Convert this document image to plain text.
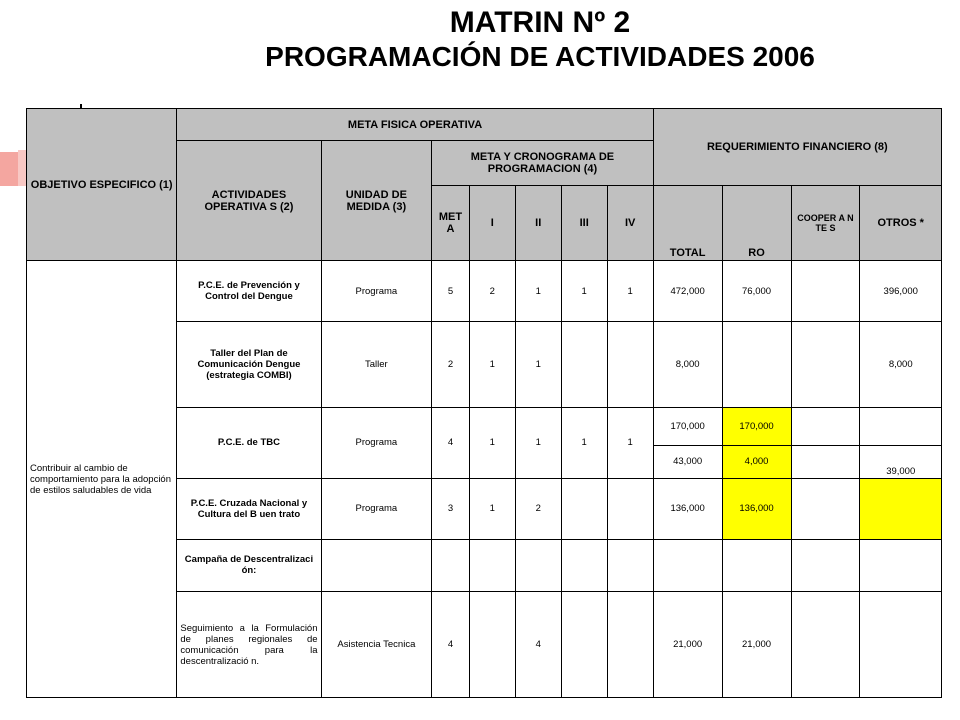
MATRIN Nº 2
PROGRAMACIÓN DE ACTIVIDADES 2006
OBJETIVO ESPECIFICO (1)	META FISICA OPERATIVA							REQUERIMIENTO FINANCIERO (8)			
	ACTIVIDADES OPERATIVA S (2)	UNIDAD DE MEDIDA (3)	META Y CRONOGRAMA DE PROGRAMACION (4)								
			MET A	I	II	III	IV	TOTAL	RO	COOPER A N TE S	OTROS *
Contribuir al cambio de comportamiento para la adopción de estilos saludables de vida	P.C.E. de Prevención y Control del Dengue	Programa	5	2	1	1	1	472,000	76,000		396,000
	Taller del Plan de Comunicación Dengue (estrategia COMBI)	Taller	2	1	1			8,000			8,000
	P.C.E. de TBC	Programa	4	1	1	1	1	170,000	170,000		
								43,000	4,000		39,000
	P.C.E. Cruzada Nacional y Cultura del B uen trato	Programa	3	1	2			136,000	136,000		
	Campaña de Descentralizaci ón:										
	Seguimiento a la Formulación de planes regionales de comunicación para la descentralizació n.	Asistencia Tecnica	4		4			21,000	21,000		
